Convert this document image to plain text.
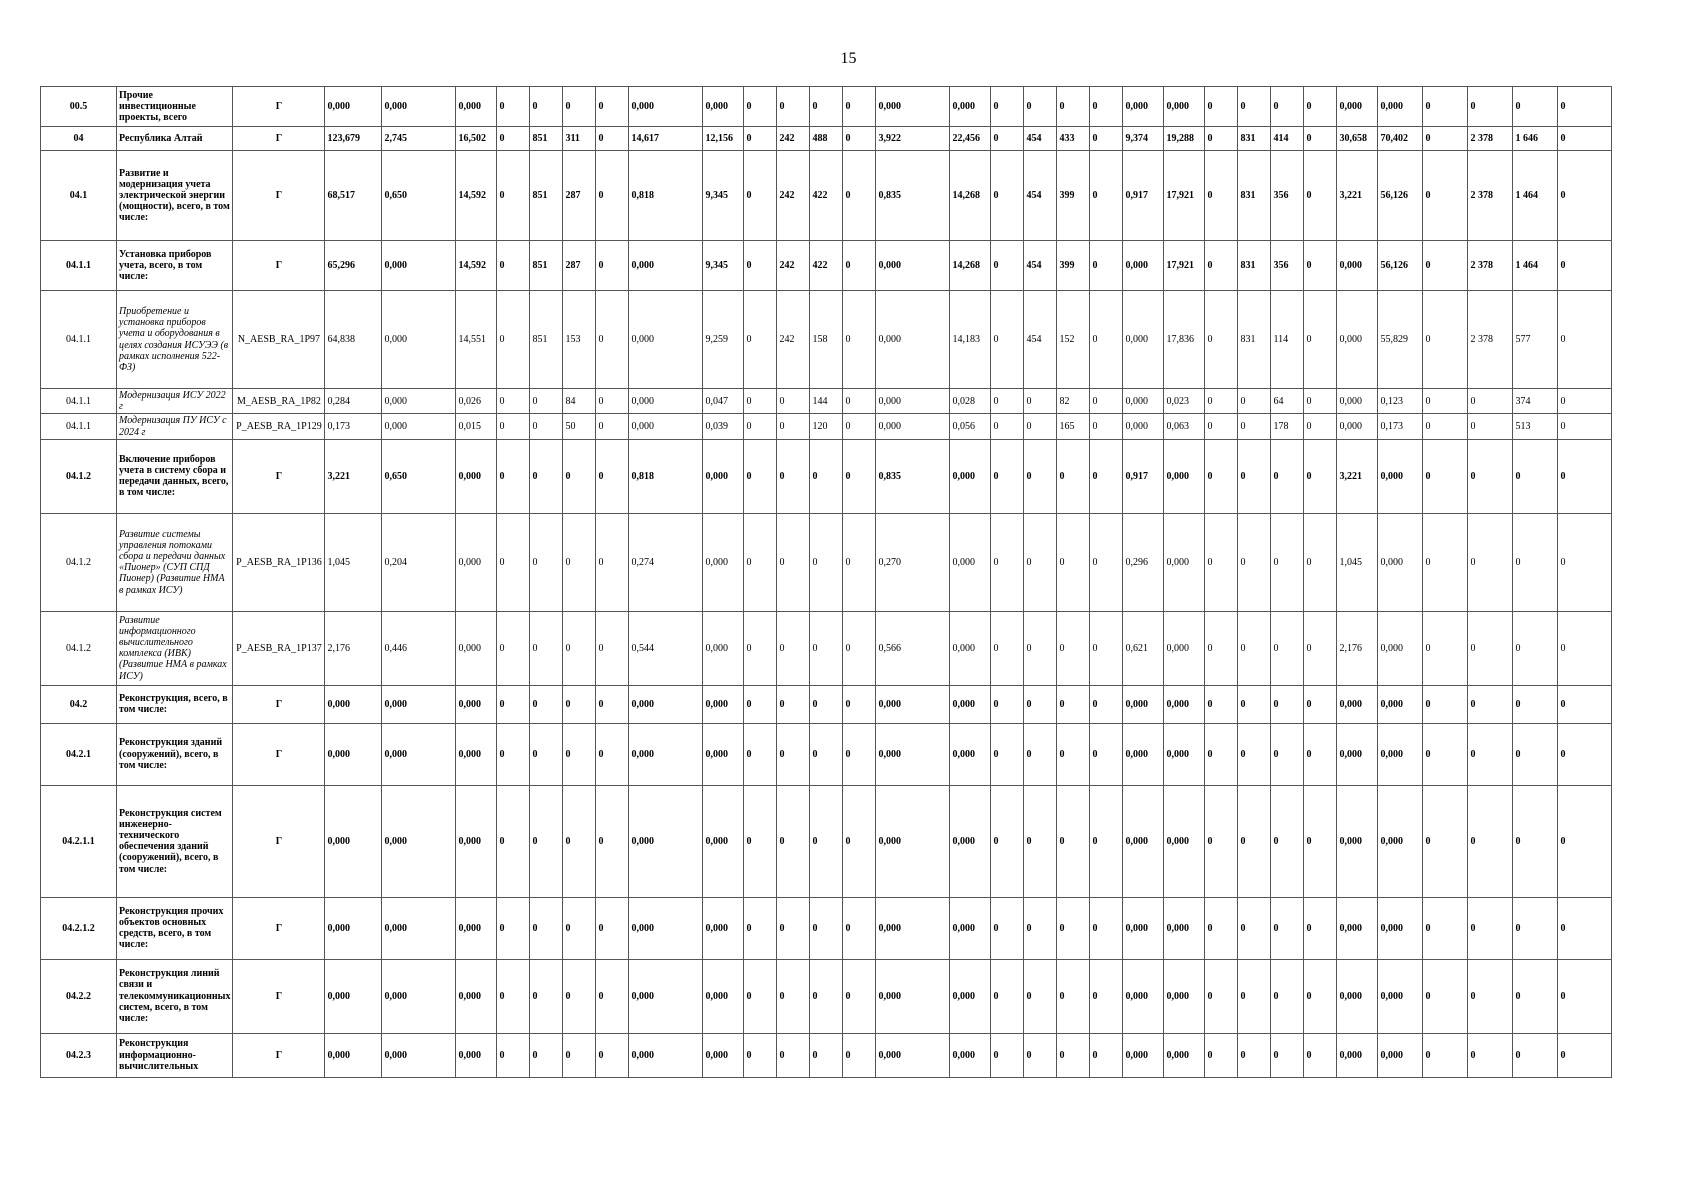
15
00.5	Прочие инвестиционные проекты, всего	Г	0,000	0,000	0,000	0	0	0	0	0,000	0,000	0	0	0	0	0,000	0,000	0	0	0	0	0,000	0,000	0	0	0	0	0,000	0,000	0	0	0	0
04	Республика Алтай	Г	123,679	2,745	16,502	0	851	311	0	14,617	12,156	0	242	488	0	3,922	22,456	0	454	433	0	9,374	19,288	0	831	414	0	30,658	70,402	0	2 378	1 646	0
04.1	Развитие и модернизация учета электрической энергии (мощности), всего, в том числе:	Г	68,517	0,650	14,592	0	851	287	0	0,818	9,345	0	242	422	0	0,835	14,268	0	454	399	0	0,917	17,921	0	831	356	0	3,221	56,126	0	2 378	1 464	0
04.1.1	Установка приборов учета, всего, в том числе:	Г	65,296	0,000	14,592	0	851	287	0	0,000	9,345	0	242	422	0	0,000	14,268	0	454	399	0	0,000	17,921	0	831	356	0	0,000	56,126	0	2 378	1 464	0
04.1.1	Приобретение и установка приборов учета и оборудования в целях создания ИСУЭЭ (в рамках исполнения 522-ФЗ)	N_AESB_RA_1P97	64,838	0,000	14,551	0	851	153	0	0,000	9,259	0	242	158	0	0,000	14,183	0	454	152	0	0,000	17,836	0	831	114	0	0,000	55,829	0	2 378	577	0
04.1.1	Модернизация ИСУ 2022 г	M_AESB_RA_1P82	0,284	0,000	0,026	0	0	84	0	0,000	0,047	0	0	144	0	0,000	0,028	0	0	82	0	0,000	0,023	0	0	64	0	0,000	0,123	0	0	374	0
04.1.1	Модернизация ПУ ИСУ с 2024 г	P_AESB_RA_1P129	0,173	0,000	0,015	0	0	50	0	0,000	0,039	0	0	120	0	0,000	0,056	0	0	165	0	0,000	0,063	0	0	178	0	0,000	0,173	0	0	513	0
04.1.2	Включение приборов учета в систему сбора и передачи данных, всего, в том числе:	Г	3,221	0,650	0,000	0	0	0	0	0,818	0,000	0	0	0	0	0,835	0,000	0	0	0	0	0,917	0,000	0	0	0	0	3,221	0,000	0	0	0	0
04.1.2	Развитие системы управления потоками сбора и передачи данных «Пионер» (СУП СПД Пионер) (Развитие НМА в рамках ИСУ)	P_AESB_RA_1P136	1,045	0,204	0,000	0	0	0	0	0,274	0,000	0	0	0	0	0,270	0,000	0	0	0	0	0,296	0,000	0	0	0	0	1,045	0,000	0	0	0	0
04.1.2	Развитие информационного вычислительного комплекса (ИВК) (Развитие НМА в рамках ИСУ)	P_AESB_RA_1P137	2,176	0,446	0,000	0	0	0	0	0,544	0,000	0	0	0	0	0,566	0,000	0	0	0	0	0,621	0,000	0	0	0	0	2,176	0,000	0	0	0	0
04.2	Реконструкция, всего, в том числе:	Г	0,000	0,000	0,000	0	0	0	0	0,000	0,000	0	0	0	0	0,000	0,000	0	0	0	0	0,000	0,000	0	0	0	0	0,000	0,000	0	0	0	0
04.2.1	Реконструкция зданий (сооружений), всего, в том числе:	Г	0,000	0,000	0,000	0	0	0	0	0,000	0,000	0	0	0	0	0,000	0,000	0	0	0	0	0,000	0,000	0	0	0	0	0,000	0,000	0	0	0	0
04.2.1.1	Реконструкция систем инженерно-технического обеспечения зданий (сооружений), всего, в том числе:	Г	0,000	0,000	0,000	0	0	0	0	0,000	0,000	0	0	0	0	0,000	0,000	0	0	0	0	0,000	0,000	0	0	0	0	0,000	0,000	0	0	0	0
04.2.1.2	Реконструкция прочих объектов основных средств, всего, в том числе:	Г	0,000	0,000	0,000	0	0	0	0	0,000	0,000	0	0	0	0	0,000	0,000	0	0	0	0	0,000	0,000	0	0	0	0	0,000	0,000	0	0	0	0
04.2.2	Реконструкция линий связи и телекоммуникационных систем, всего, в том числе:	Г	0,000	0,000	0,000	0	0	0	0	0,000	0,000	0	0	0	0	0,000	0,000	0	0	0	0	0,000	0,000	0	0	0	0	0,000	0,000	0	0	0	0
04.2.3	Реконструкция информационно-вычислительных	Г	0,000	0,000	0,000	0	0	0	0	0,000	0,000	0	0	0	0	0,000	0,000	0	0	0	0	0,000	0,000	0	0	0	0	0,000	0,000	0	0	0	0
